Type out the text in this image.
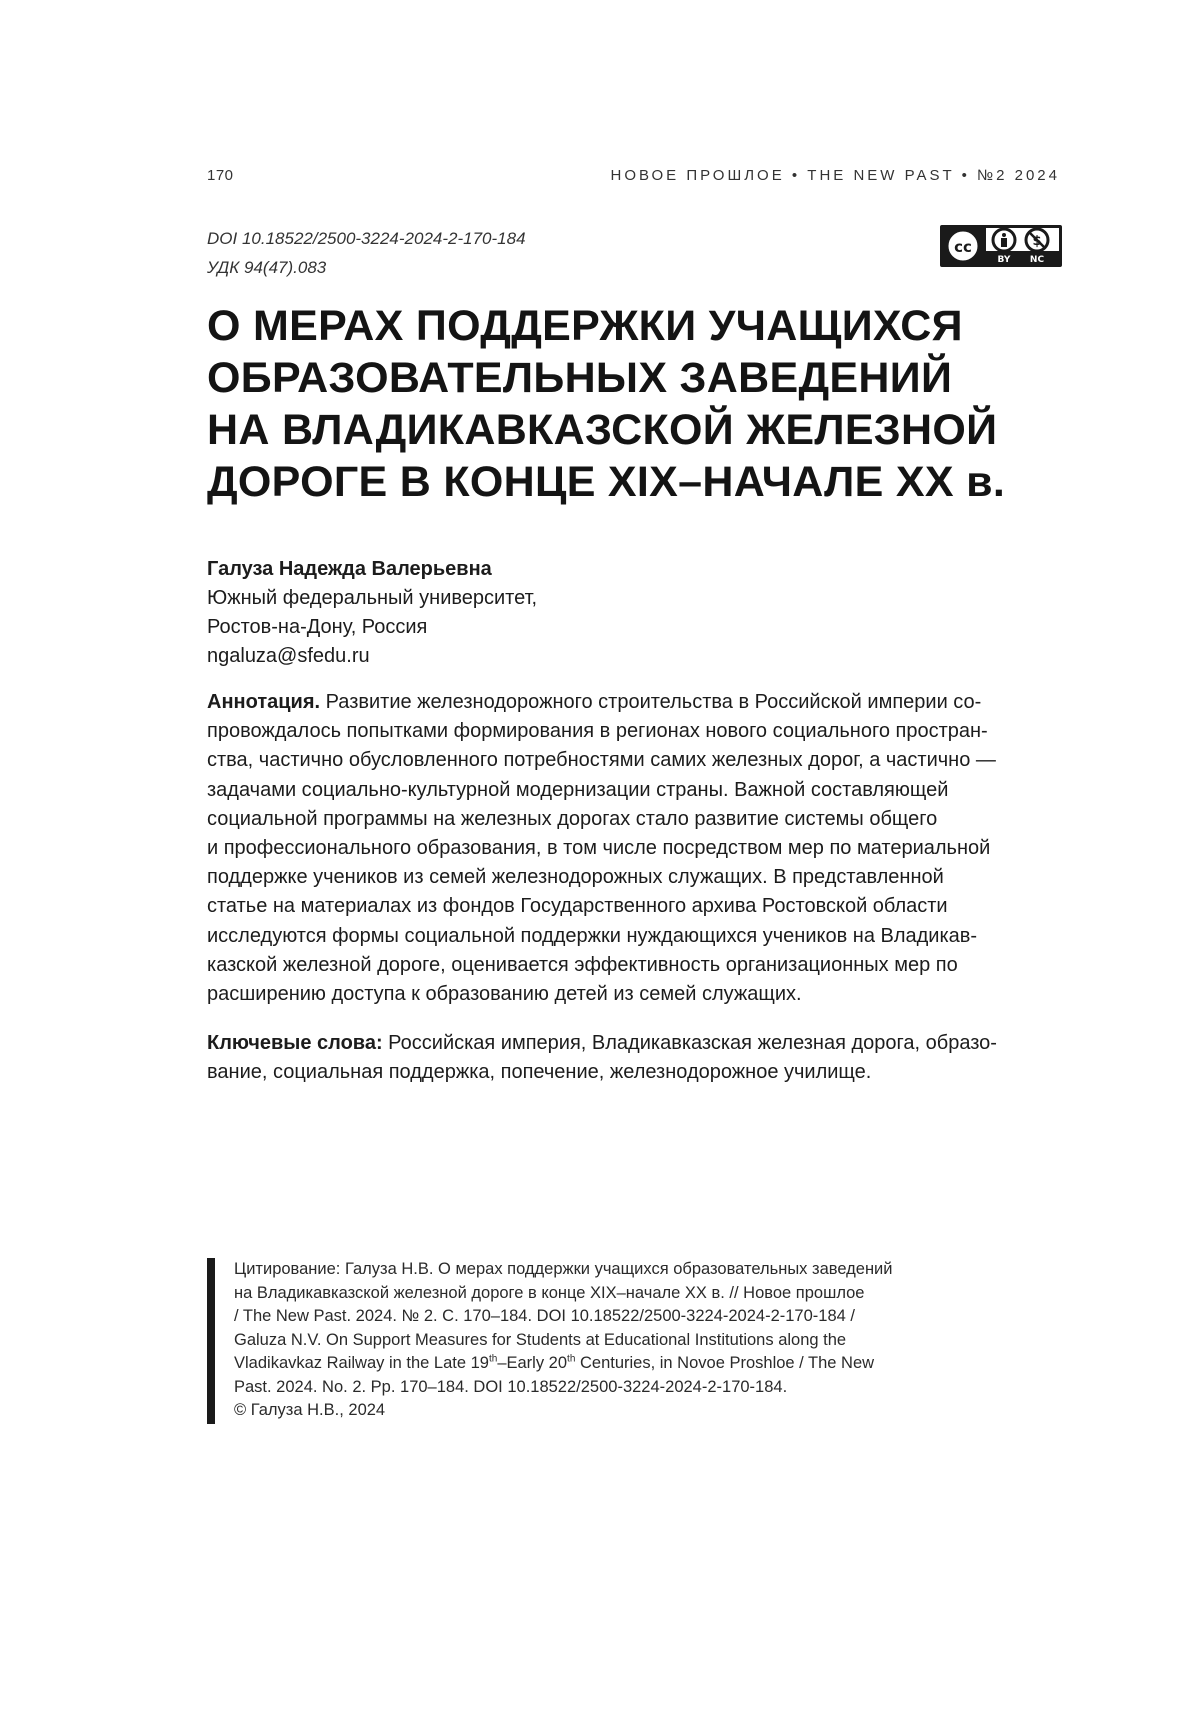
170	НОВОЕ ПРОШЛОЕ • THE NEW PAST • №2 2024
DOI 10.18522/2500-3224-2024-2-170-184
УДК 94(47).083
cc
BY NC
О МЕРАХ ПОДДЕРЖКИ УЧАЩИХСЯ
ОБРАЗОВАТЕЛЬНЫХ ЗАВЕДЕНИЙ
НА ВЛАДИКАВКАЗСКОЙ ЖЕЛЕЗНОЙ
ДОРОГЕ В КОНЦЕ XIX–НАЧАЛЕ XX в.
Галуза Надежда Валерьевна
Южный федеральный университет,
Ростов-на-Дону, Россия
ngaluza@sfedu.ru
Аннотация. Развитие железнодорожного строительства в Российской империи со-
провождалось попытками формирования в регионах нового социального простран-
ства, частично обусловленного потребностями самих железных дорог, а частично —
задачами социально-культурной модернизации страны. Важной составляющей
социальной программы на железных дорогах стало развитие системы общего
и профессионального образования, в том числе посредством мер по материальной
поддержке учеников из семей железнодорожных служащих. В представленной
статье на материалах из фондов Государственного архива Ростовской области
исследуются формы социальной поддержки нуждающихся учеников на Владикав-
казской железной дороге, оценивается эффективность организационных мер по
расширению доступа к образованию детей из семей служащих.
Ключевые слова: Российская империя, Владикавказская железная дорога, образо-
вание, социальная поддержка, попечение, железнодорожное училище.
Цитирование: Галуза Н.В. О мерах поддержки учащихся образовательных заведений
на Владикавказской железной дороге в конце XIX–начале XX в. // Новое прошлое
/ The New Past. 2024. № 2. С. 170–184. DOI 10.18522/2500-3224-2024-2-170-184 /
Galuza N.V. On Support Measures for Students at Educational Institutions along the
Vladikavkaz Railway in the Late 19th–Early 20th Centuries, in Novoe Proshloe / The New
Past. 2024. No. 2. Pp. 170–184. DOI 10.18522/2500-3224-2024-2-170-184.
© Галуза Н.В., 2024
